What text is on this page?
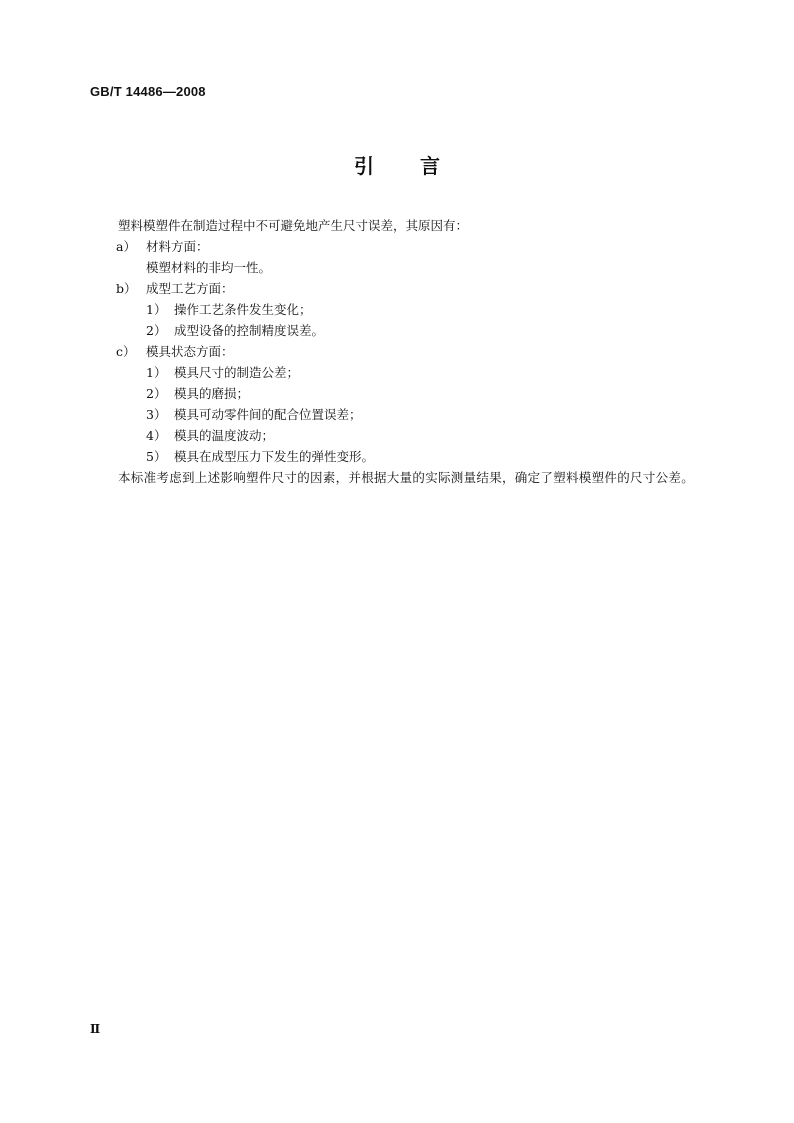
GB/T 14486—2008
引言
塑料模塑件在制造过程中不可避免地产生尺寸误差，其原因有：
a） 材料方面：
模塑材料的非均一性。
b） 成型工艺方面：
1） 操作工艺条件发生变化；
2） 成型设备的控制精度误差。
c） 模具状态方面：
1） 模具尺寸的制造公差；
2） 模具的磨损；
3） 模具可动零件间的配合位置误差；
4） 模具的温度波动；
5） 模具在成型压力下发生的弹性变形。
本标准考虑到上述影响塑件尺寸的因素，并根据大量的实际测量结果，确定了塑料模塑件的尺寸公差。
Ⅱ
